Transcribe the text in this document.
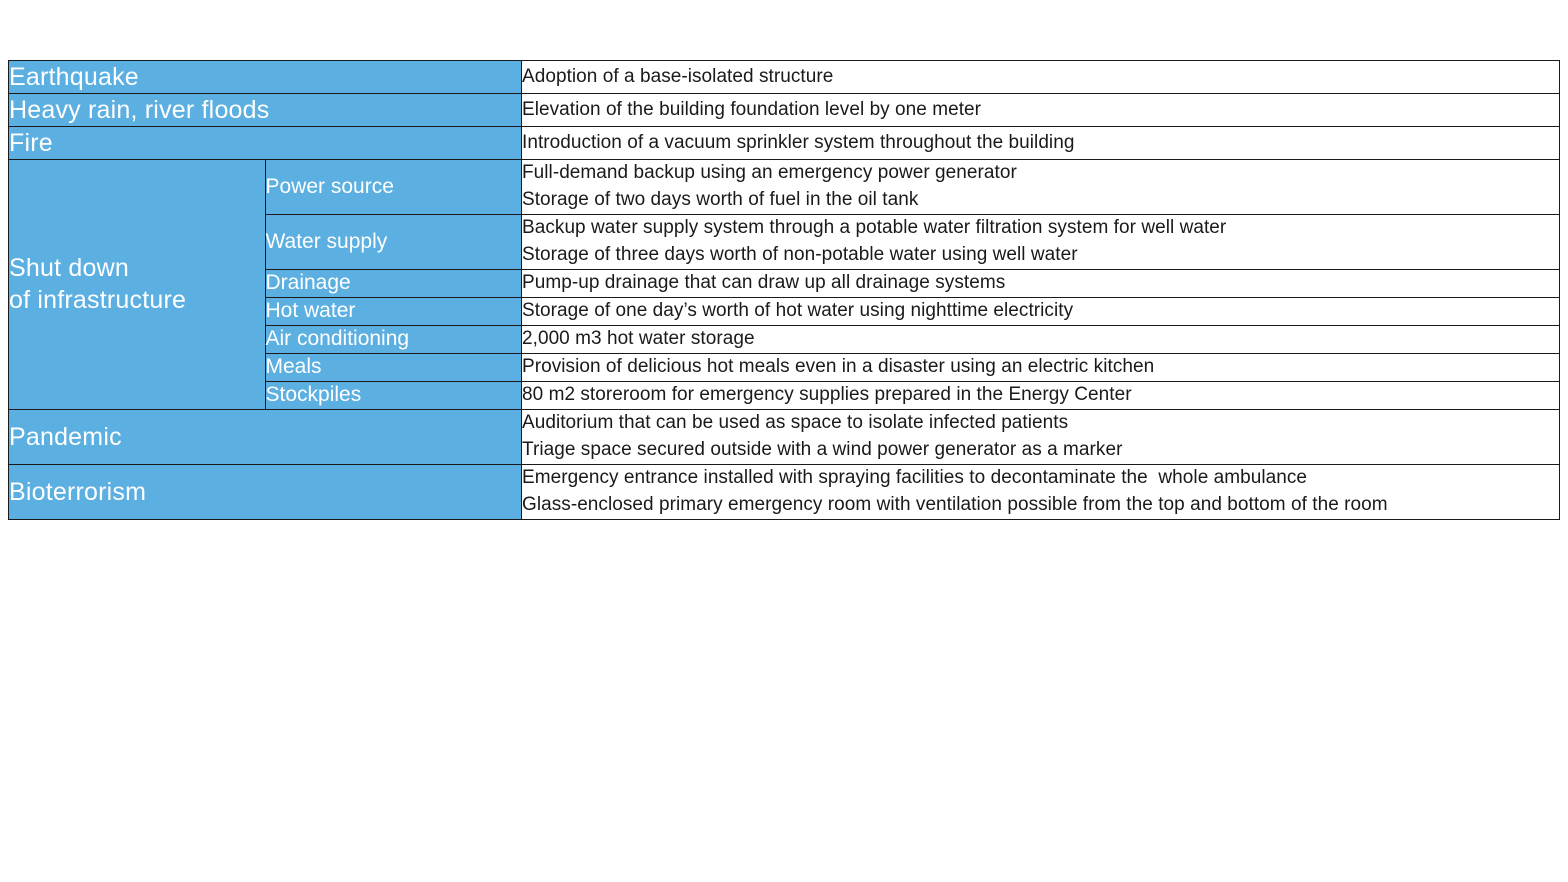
Earthquake		Adoption of a base-isolated structure

Heavy rain, river floods		Elevation of the building foundation level by one meter

Fire		Introduction of a vacuum sprinkler system throughout the building

Shut down
of infrastructure	Power source	Full-demand backup using an emergency power generator
Storage of two days worth of fuel in the oil tank

	Water supply	Backup water supply system through a potable water filtration system for well water
Storage of three days worth of non-potable water using well water

	Drainage	Pump-up drainage that can draw up all drainage systems

	Hot water	Storage of one day’s worth of hot water using nighttime electricity

	Air conditioning	2,000 m3 hot water storage

	Meals	Provision of delicious hot meals even in a disaster using an electric kitchen

	Stockpiles	80 m2 storeroom for emergency supplies prepared in the Energy Center

Pandemic		Auditorium that can be used as space to isolate infected patients
Triage space secured outside with a wind power generator as a marker

Bioterrorism		Emergency entrance installed with spraying facilities to decontaminate the  whole ambulance
Glass-enclosed primary emergency room with ventilation possible from the top and bottom of the room
